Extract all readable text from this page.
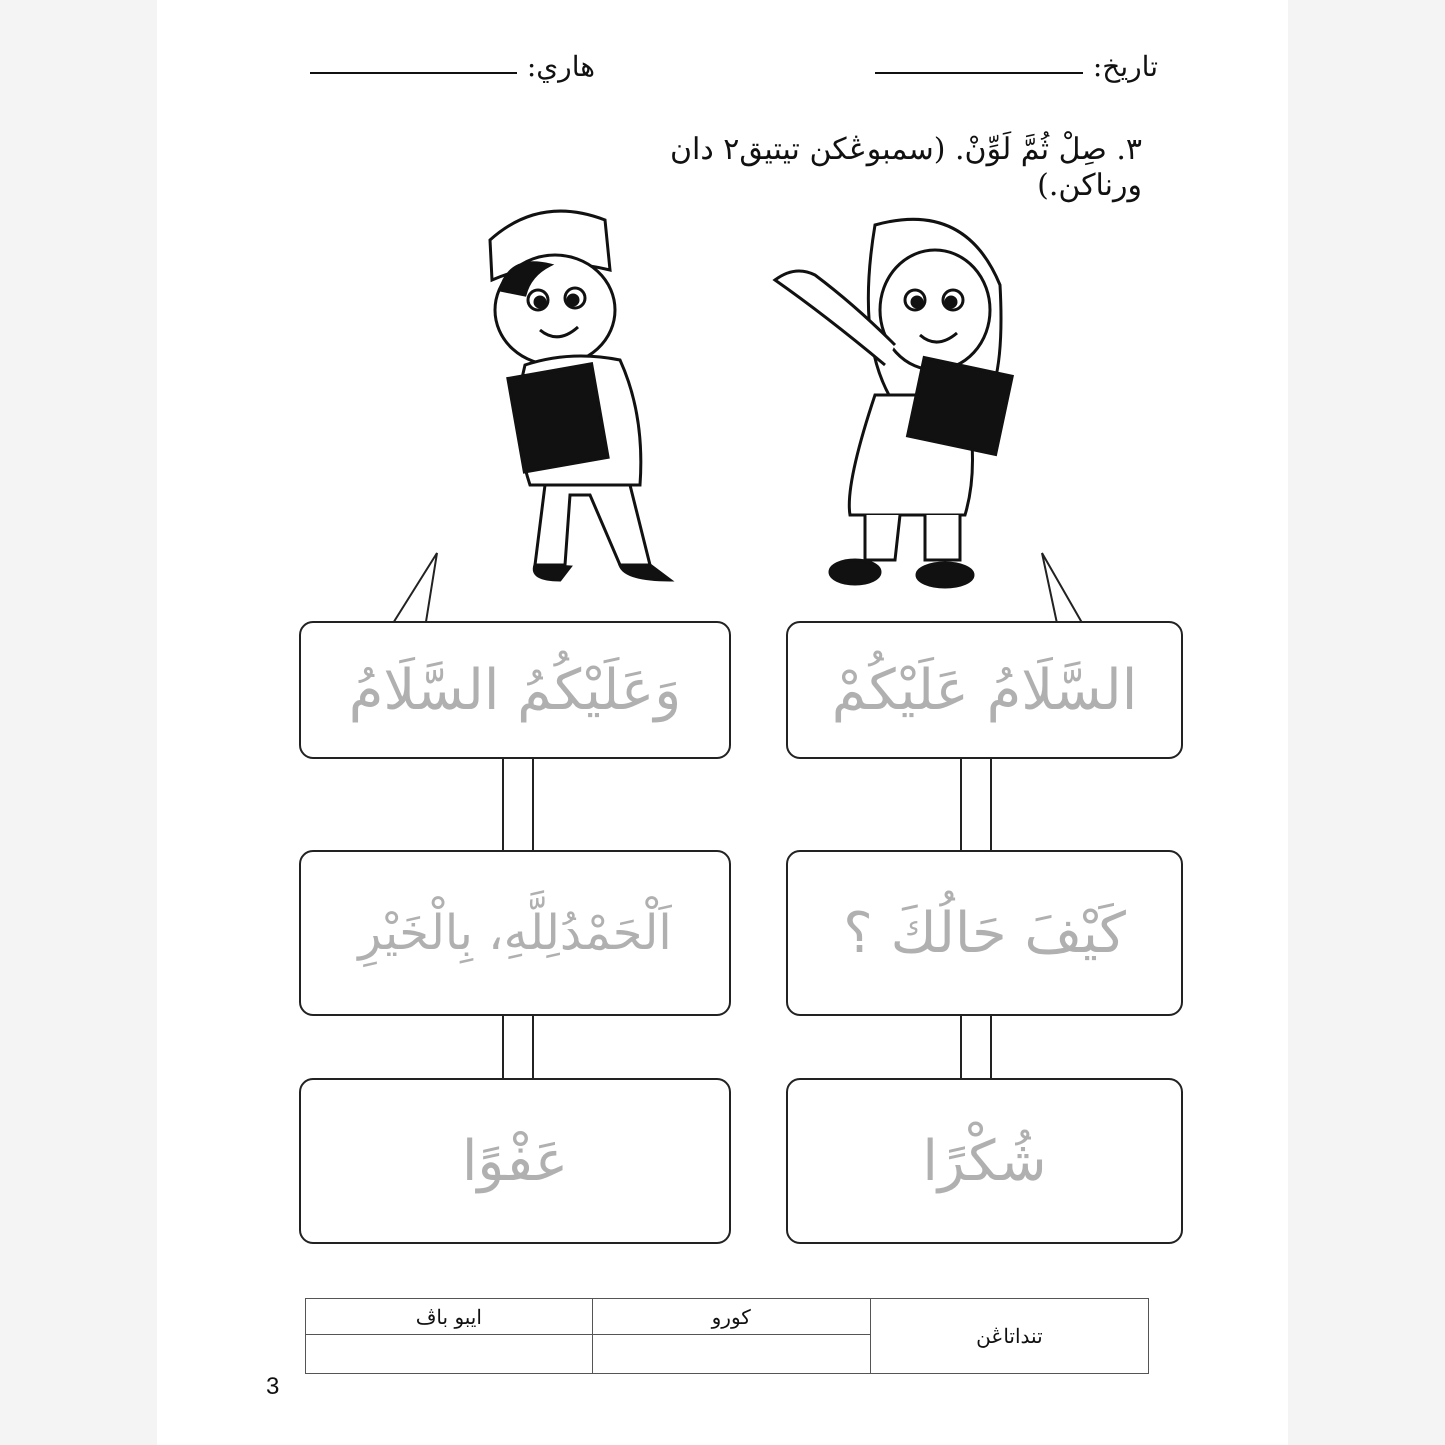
تاريخ:
هاري:
٣. صِلْ ثُمَّ لَوِّنْ. (سمبوڠكن تيتيق٢ دان ورناكن.)
وَعَلَيْكُمُ السَّلَامُ
اَلْحَمْدُلِلَّهِ، بِالْخَيْرِ
عَفْوًا
السَّلَامُ عَلَيْكُمْ
كَيْفَ حَالُكَ ؟
شُكْرًا
تنداتاڠن	كورو	ايبو باڤ

3
